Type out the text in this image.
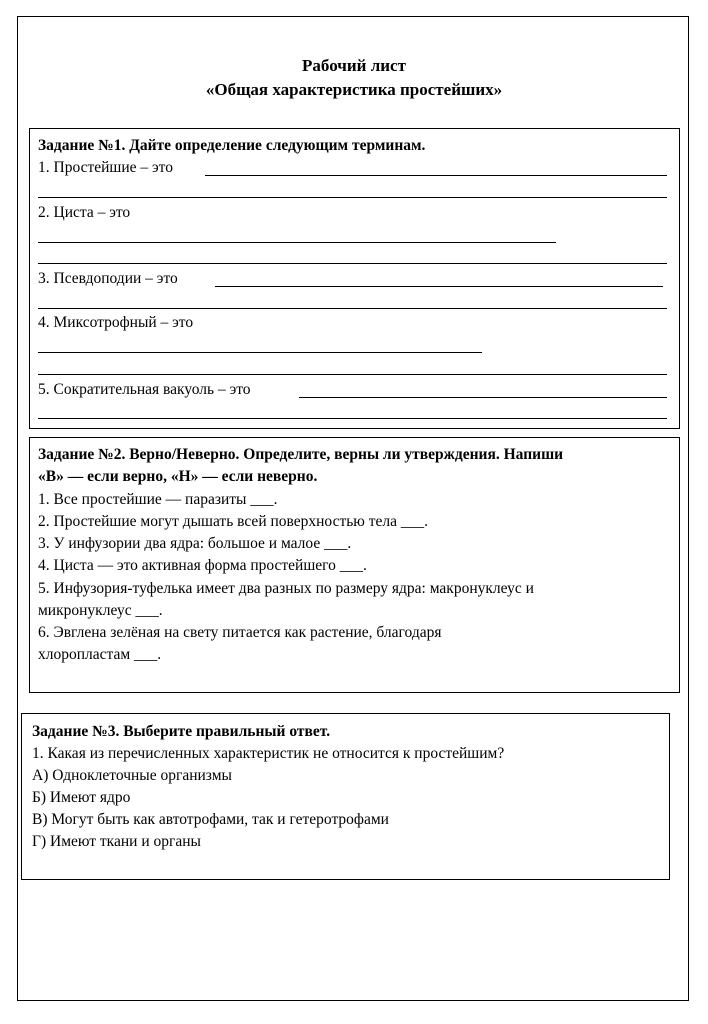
Рабочий лист
«Общая характеристика простейших»
Задание №1. Дайте определение следующим терминам.
1. Простейшие – это
2. Циста – это
3. Псевдоподии – это
4. Миксотрофный – это
5. Сократительная вакуоль – это
Задание №2. Верно/Неверно. Определите, верны ли утверждения. Напиши
«В» — если верно, «Н» — если неверно.
1. Все простейшие — паразиты ___.
2. Простейшие могут дышать всей поверхностью тела ___.
3. У инфузории два ядра: большое и малое ___.
4. Циста — это активная форма простейшего ___.
5. Инфузория-туфелька имеет два разных по размеру ядра: макронуклеус и
микронуклеус ___.
6. Эвглена зелёная на свету питается как растение, благодаря
хлоропластам ___.
Задание №3. Выберите правильный ответ.
1. Какая из перечисленных характеристик не относится к простейшим?
А) Одноклеточные организмы
Б) Имеют ядро
В) Могут быть как автотрофами, так и гетеротрофами
Г) Имеют ткани и органы
